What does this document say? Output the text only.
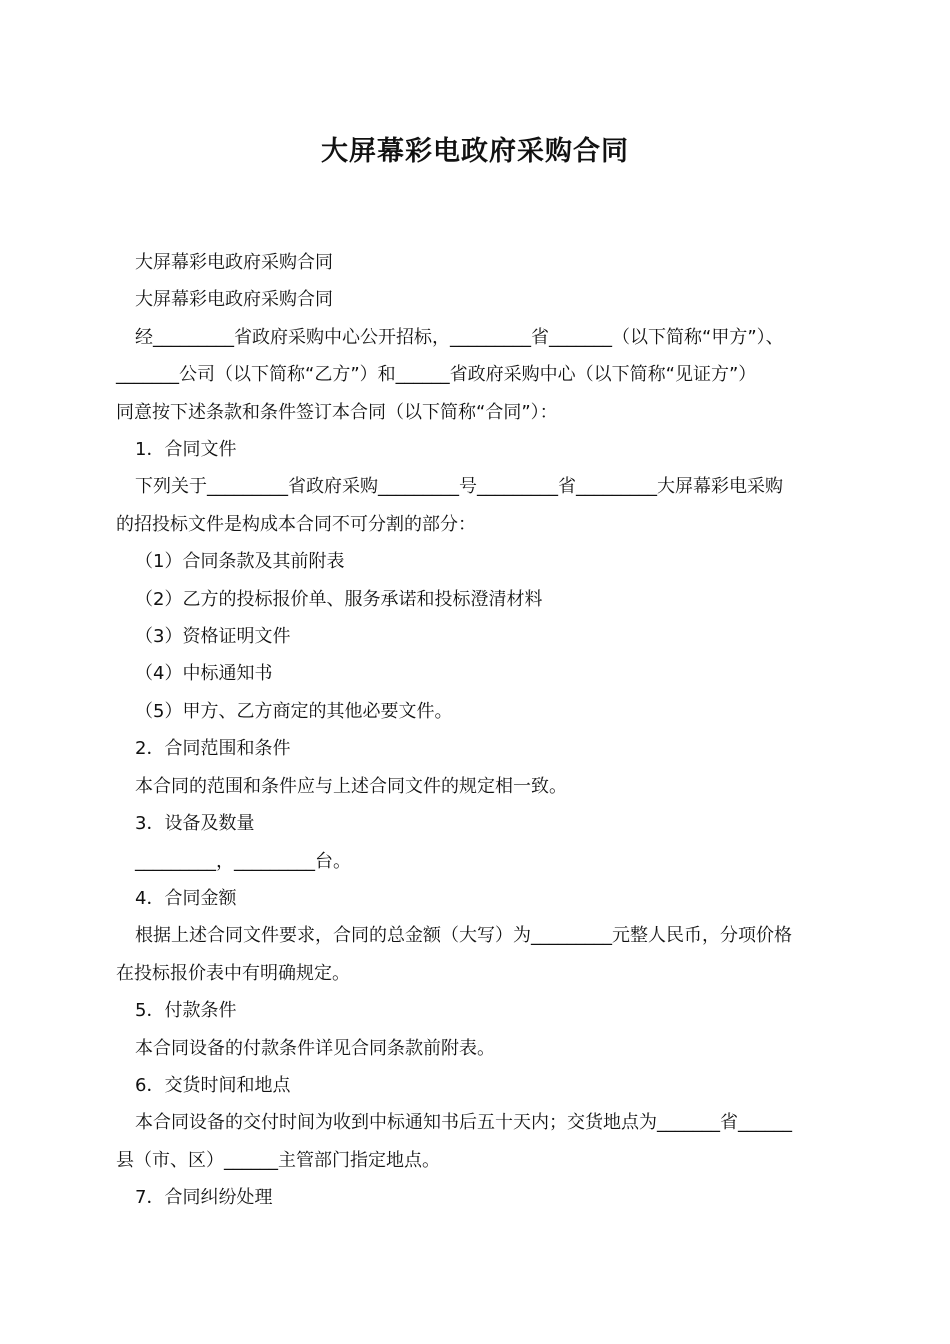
大屏幕彩电政府采购合同

大屏幕彩电政府采购合同

大屏幕彩电政府采购合同

经_________省政府采购中心公开招标，_________省_______（以下简称“甲方”）、

_______公司（以下简称“乙方”）和______省政府采购中心（以下简称“见证方”）

同意按下述条款和条件签订本合同（以下简称“合同”）：

1．合同文件

下列关于_________省政府采购_________号_________省_________大屏幕彩电采购

的招投标文件是构成本合同不可分割的部分：

（1）合同条款及其前附表

（2）乙方的投标报价单、服务承诺和投标澄清材料

（3）资格证明文件

（4）中标通知书

（5）甲方、乙方商定的其他必要文件。

2．合同范围和条件

本合同的范围和条件应与上述合同文件的规定相一致。

3．设备及数量

_________，_________台。

4．合同金额

根据上述合同文件要求，合同的总金额（大写）为_________元整人民币，分项价格

在投标报价表中有明确规定。

5．付款条件

本合同设备的付款条件详见合同条款前附表。

6．交货时间和地点

本合同设备的交付时间为收到中标通知书后五十天内；交货地点为_______省______

县（市、区）______主管部门指定地点。

7．合同纠纷处理
